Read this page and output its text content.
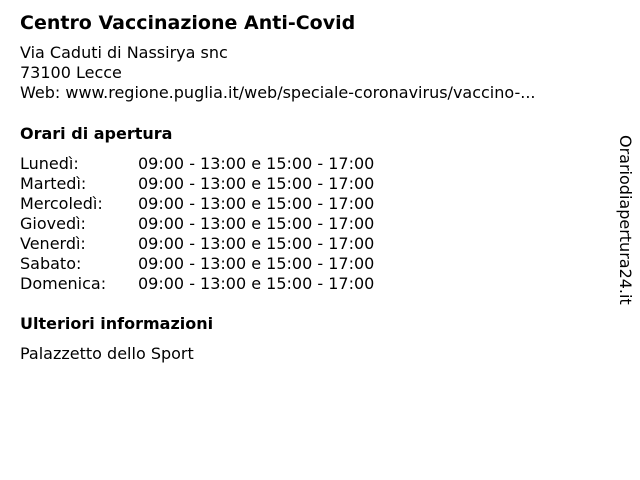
Centro Vaccinazione Anti-Covid
Via Caduti di Nassirya snc
73100 Lecce
Web: www.regione.puglia.it/web/speciale-coronavirus/vaccino-...
Orari di apertura
Lunedì:	09:00 - 13:00 e 15:00 - 17:00
Martedì:	09:00 - 13:00 e 15:00 - 17:00
Mercoledì:	09:00 - 13:00 e 15:00 - 17:00
Giovedì:	09:00 - 13:00 e 15:00 - 17:00
Venerdì:	09:00 - 13:00 e 15:00 - 17:00
Sabato:	09:00 - 13:00 e 15:00 - 17:00
Domenica:	09:00 - 13:00 e 15:00 - 17:00
Ulteriori informazioni
Palazzetto dello Sport
Orariodiapertura24.it
